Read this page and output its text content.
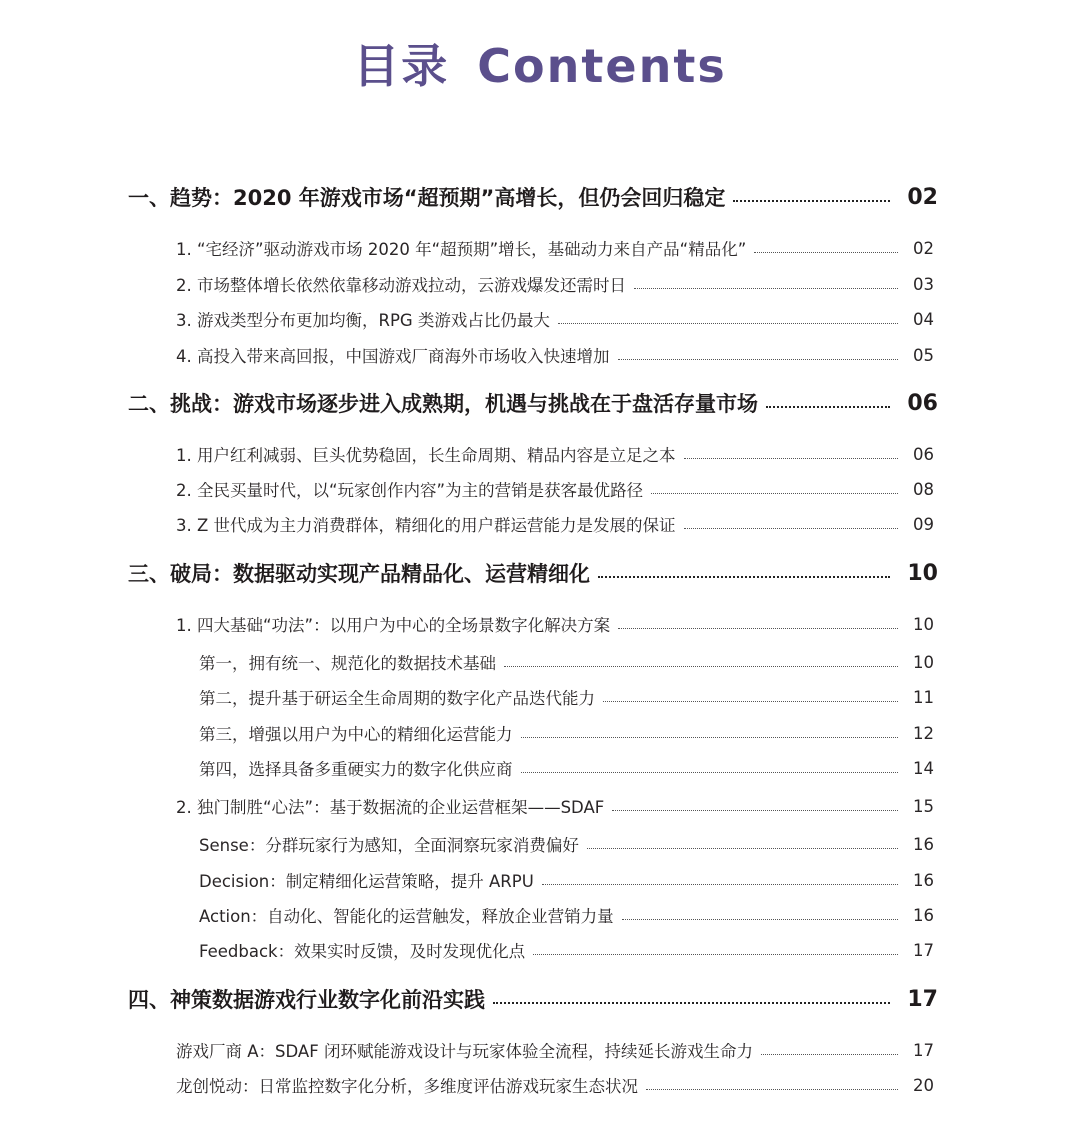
目录 Contents
一、趋势：2020 年游戏市场“超预期”高增长，但仍会回归稳定	02
1. “宅经济”驱动游戏市场 2020 年“超预期”增长，基础动力来自产品“精品化”	02
2. 市场整体增长依然依靠移动游戏拉动，云游戏爆发还需时日	03
3. 游戏类型分布更加均衡，RPG 类游戏占比仍最大	04
4. 高投入带来高回报，中国游戏厂商海外市场收入快速增加	05
二、挑战：游戏市场逐步进入成熟期，机遇与挑战在于盘活存量市场	06
1. 用户红利减弱、巨头优势稳固，长生命周期、精品内容是立足之本	06
2. 全民买量时代，以“玩家创作内容”为主的营销是获客最优路径	08
3. Z 世代成为主力消费群体，精细化的用户群运营能力是发展的保证	09
三、破局：数据驱动实现产品精品化、运营精细化	10
1. 四大基础“功法”：以用户为中心的全场景数字化解决方案	10
第一，拥有统一、规范化的数据技术基础	10
第二，提升基于研运全生命周期的数字化产品迭代能力	11
第三，增强以用户为中心的精细化运营能力	12
第四，选择具备多重硬实力的数字化供应商	14
2. 独门制胜“心法”：基于数据流的企业运营框架——SDAF	15
Sense：分群玩家行为感知，全面洞察玩家消费偏好	16
Decision：制定精细化运营策略，提升 ARPU	16
Action：自动化、智能化的运营触发，释放企业营销力量	16
Feedback：效果实时反馈，及时发现优化点	17
四、神策数据游戏行业数字化前沿实践	17
游戏厂商 A：SDAF 闭环赋能游戏设计与玩家体验全流程，持续延长游戏生命力	17
龙创悦动：日常监控数字化分析，多维度评估游戏玩家生态状况	20
